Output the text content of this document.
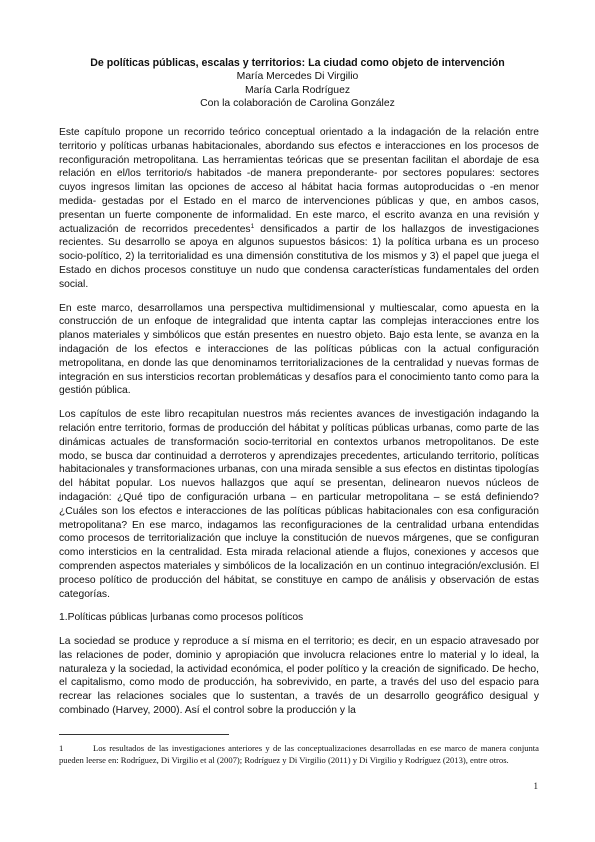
De políticas públicas, escalas y territorios: La ciudad como objeto de intervención
María Mercedes Di Virgilio
María Carla Rodríguez
Con la colaboración de Carolina González

Este capítulo propone un recorrido teórico conceptual orientado a la indagación de la relación entre territorio y políticas urbanas habitacionales, abordando sus efectos e interacciones en los procesos de reconfiguración metropolitana. Las herramientas teóricas que se presentan facilitan el abordaje de esa relación en el/los territorio/s habitados -de manera preponderante- por sectores populares: sectores cuyos ingresos limitan las opciones de acceso al hábitat hacia formas autoproducidas o -en menor medida- gestadas por el Estado en el marco de intervenciones públicas y que, en ambos casos, presentan un fuerte componente de informalidad. En este marco, el escrito avanza en una revisión y actualización de recorridos precedentes$^1$ densificados a partir de los hallazgos de investigaciones recientes. Su desarrollo se apoya en algunos supuestos básicos: 1) la política urbana es un proceso socio-político, 2) la territorialidad es una dimensión constitutiva de los mismos y 3) el papel que juega el Estado en dichos procesos constituye un nudo que condensa características fundamentales del orden social.

En este marco, desarrollamos una perspectiva multidimensional y multiescalar, como apuesta en la construcción de un enfoque de integralidad que intenta captar las complejas interacciones entre los planos materiales y simbólicos que están presentes en nuestro objeto. Bajo esta lente, se avanza en la indagación de los efectos e interacciones de las políticas públicas con la actual configuración metropolitana, en donde las que denominamos territorializaciones de la centralidad y nuevas formas de integración en sus intersticios recortan problemáticas y desafíos para el conocimiento tanto como para la gestión pública.

Los capítulos de este libro recapitulan nuestros más recientes avances de investigación indagando la relación entre territorio, formas de producción del hábitat y políticas públicas urbanas, como parte de las dinámicas actuales de transformación socio-territorial en contextos urbanos metropolitanos. De este modo, se busca dar continuidad a derroteros y aprendizajes precedentes, articulando territorio, políticas habitacionales y transformaciones urbanas, con una mirada sensible a sus efectos en distintas tipologías del hábitat popular. Los nuevos hallazgos que aquí se presentan, delinearon nuevos núcleos de indagación: ¿Qué tipo de configuración urbana – en particular metropolitana – se está definiendo? ¿Cuáles son los efectos e interacciones de las políticas públicas habitacionales con esa configuración metropolitana? En ese marco, indagamos las reconfiguraciones de la centralidad urbana entendidas como procesos de territorialización que incluye la constitución de nuevos márgenes, que se configuran como intersticios en la centralidad. Esta mirada relacional atiende a flujos, conexiones y accesos que comprenden aspectos materiales y simbólicos de la localización en un continuo integración/exclusión. El proceso político de producción del hábitat, se constituye en campo de análisis y observación de estas categorías.

1.Políticas públicas |urbanas como procesos políticos

La sociedad se produce y reproduce a sí misma en el territorio; es decir, en un espacio atravesado por las relaciones de poder, dominio y apropiación que involucra relaciones entre lo material y lo ideal, la naturaleza y la sociedad, la actividad económica, el poder político y la creación de significado. De hecho, el capitalismo, como modo de producción, ha sobrevivido, en parte, a través del uso del espacio para recrear las relaciones sociales que lo sustentan, a través de un desarrollo geográfico desigual y combinado (Harvey, 2000). Así el control sobre la producción y la

1	Los resultados de las investigaciones anteriores y de las conceptualizaciones desarrolladas en ese marco de manera conjunta pueden leerse en: Rodríguez, Di Virgilio et al (2007); Rodríguez y Di Virgilio (2011) y Di Virgilio y Rodríguez (2013), entre otros.
1
